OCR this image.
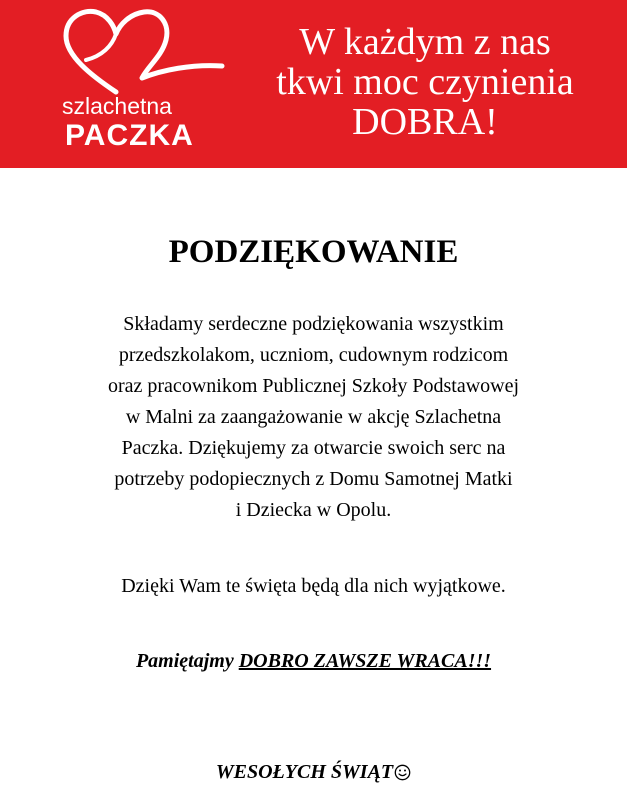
szlachetna
PACZKA
W każdym z nas
tkwi moc czynienia
DOBRA!
PODZIĘKOWANIE
Składamy serdeczne podziękowania wszystkim
przedszkolakom, uczniom, cudownym rodzicom
oraz pracownikom Publicznej Szkoły Podstawowej
w Malni za zaangażowanie w akcję Szlachetna
Paczka. Dziękujemy za otwarcie swoich serc na
potrzeby podopiecznych z Domu Samotnej Matki
i Dziecka w Opolu.
Dzięki Wam te święta będą dla nich wyjątkowe.
Pamiętajmy DOBRO ZAWSZE WRACA!!!
WESOŁYCH ŚWIĄT
